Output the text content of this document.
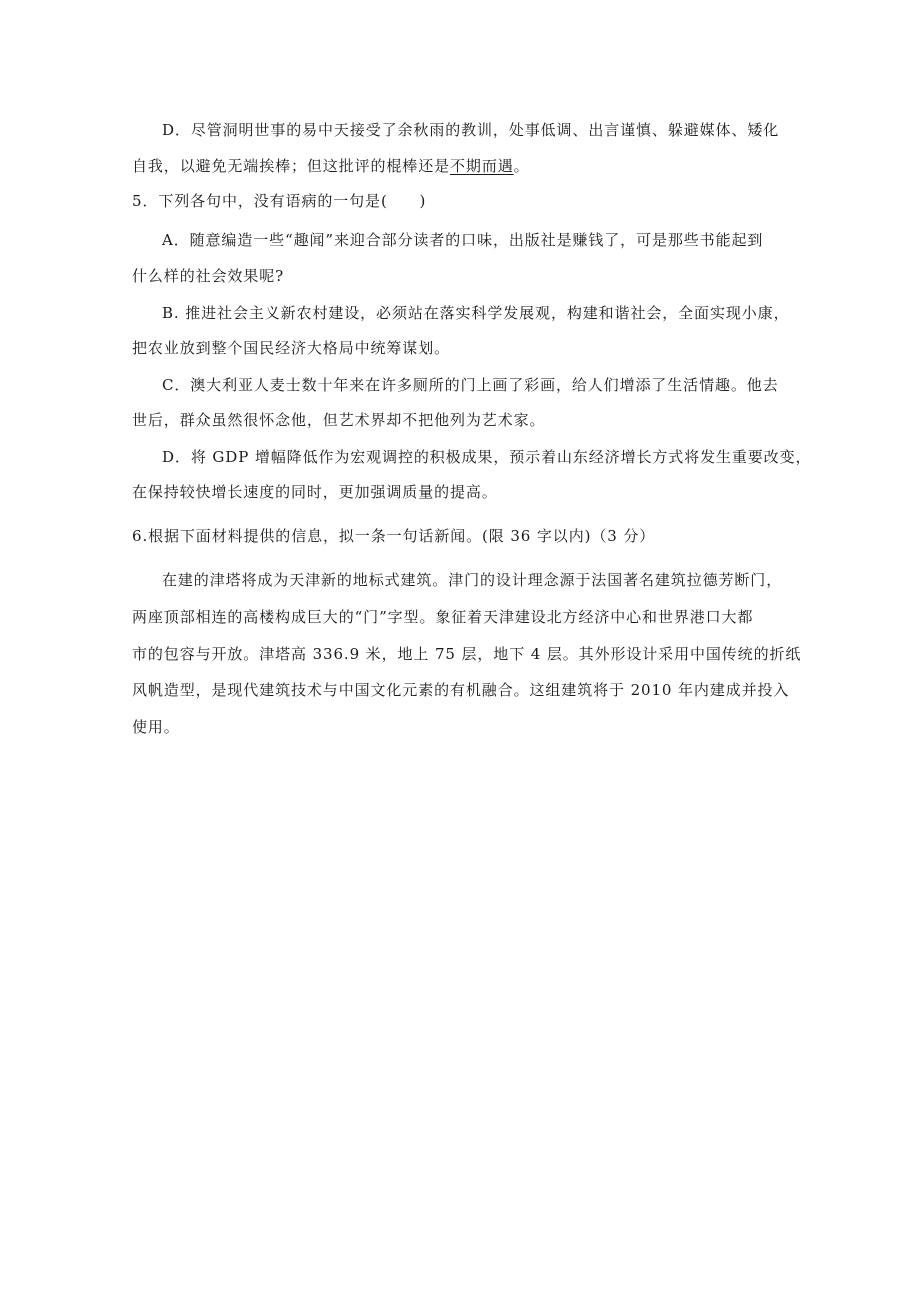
D．尽管洞明世事的易中天接受了余秋雨的教训，处事低调、出言谨慎、躲避媒体、矮化
自我，以避免无端挨棒；但这批评的棍棒还是不期而遇。
5．下列各句中，没有语病的一句是(　　)
A．随意编造一些“趣闻”来迎合部分读者的口味，出版社是赚钱了，可是那些书能起到
什么样的社会效果呢?
B. 推进社会主义新农村建设，必须站在落实科学发展观，构建和谐社会，全面实现小康，
把农业放到整个国民经济大格局中统筹谋划。
C．澳大利亚人麦士数十年来在许多厕所的门上画了彩画，给人们增添了生活情趣。他去
世后，群众虽然很怀念他，但艺术界却不把他列为艺术家。
D．将 GDP 增幅降低作为宏观调控的积极成果，预示着山东经济增长方式将发生重要改变，
在保持较快增长速度的同时，更加强调质量的提高。
6.根据下面材料提供的信息，拟一条一句话新闻。(限 36 字以内)（3 分）
在建的津塔将成为天津新的地标式建筑。津门的设计理念源于法国著名建筑拉德芳断门，
两座顶部相连的高楼构成巨大的“门”字型。象征着天津建设北方经济中心和世界港口大都
市的包容与开放。津塔高 336.9 米，地上 75 层，地下 4 层。其外形设计采用中国传统的折纸
风帆造型，是现代建筑技术与中国文化元素的有机融合。这组建筑将于 2010 年内建成并投入
使用。
